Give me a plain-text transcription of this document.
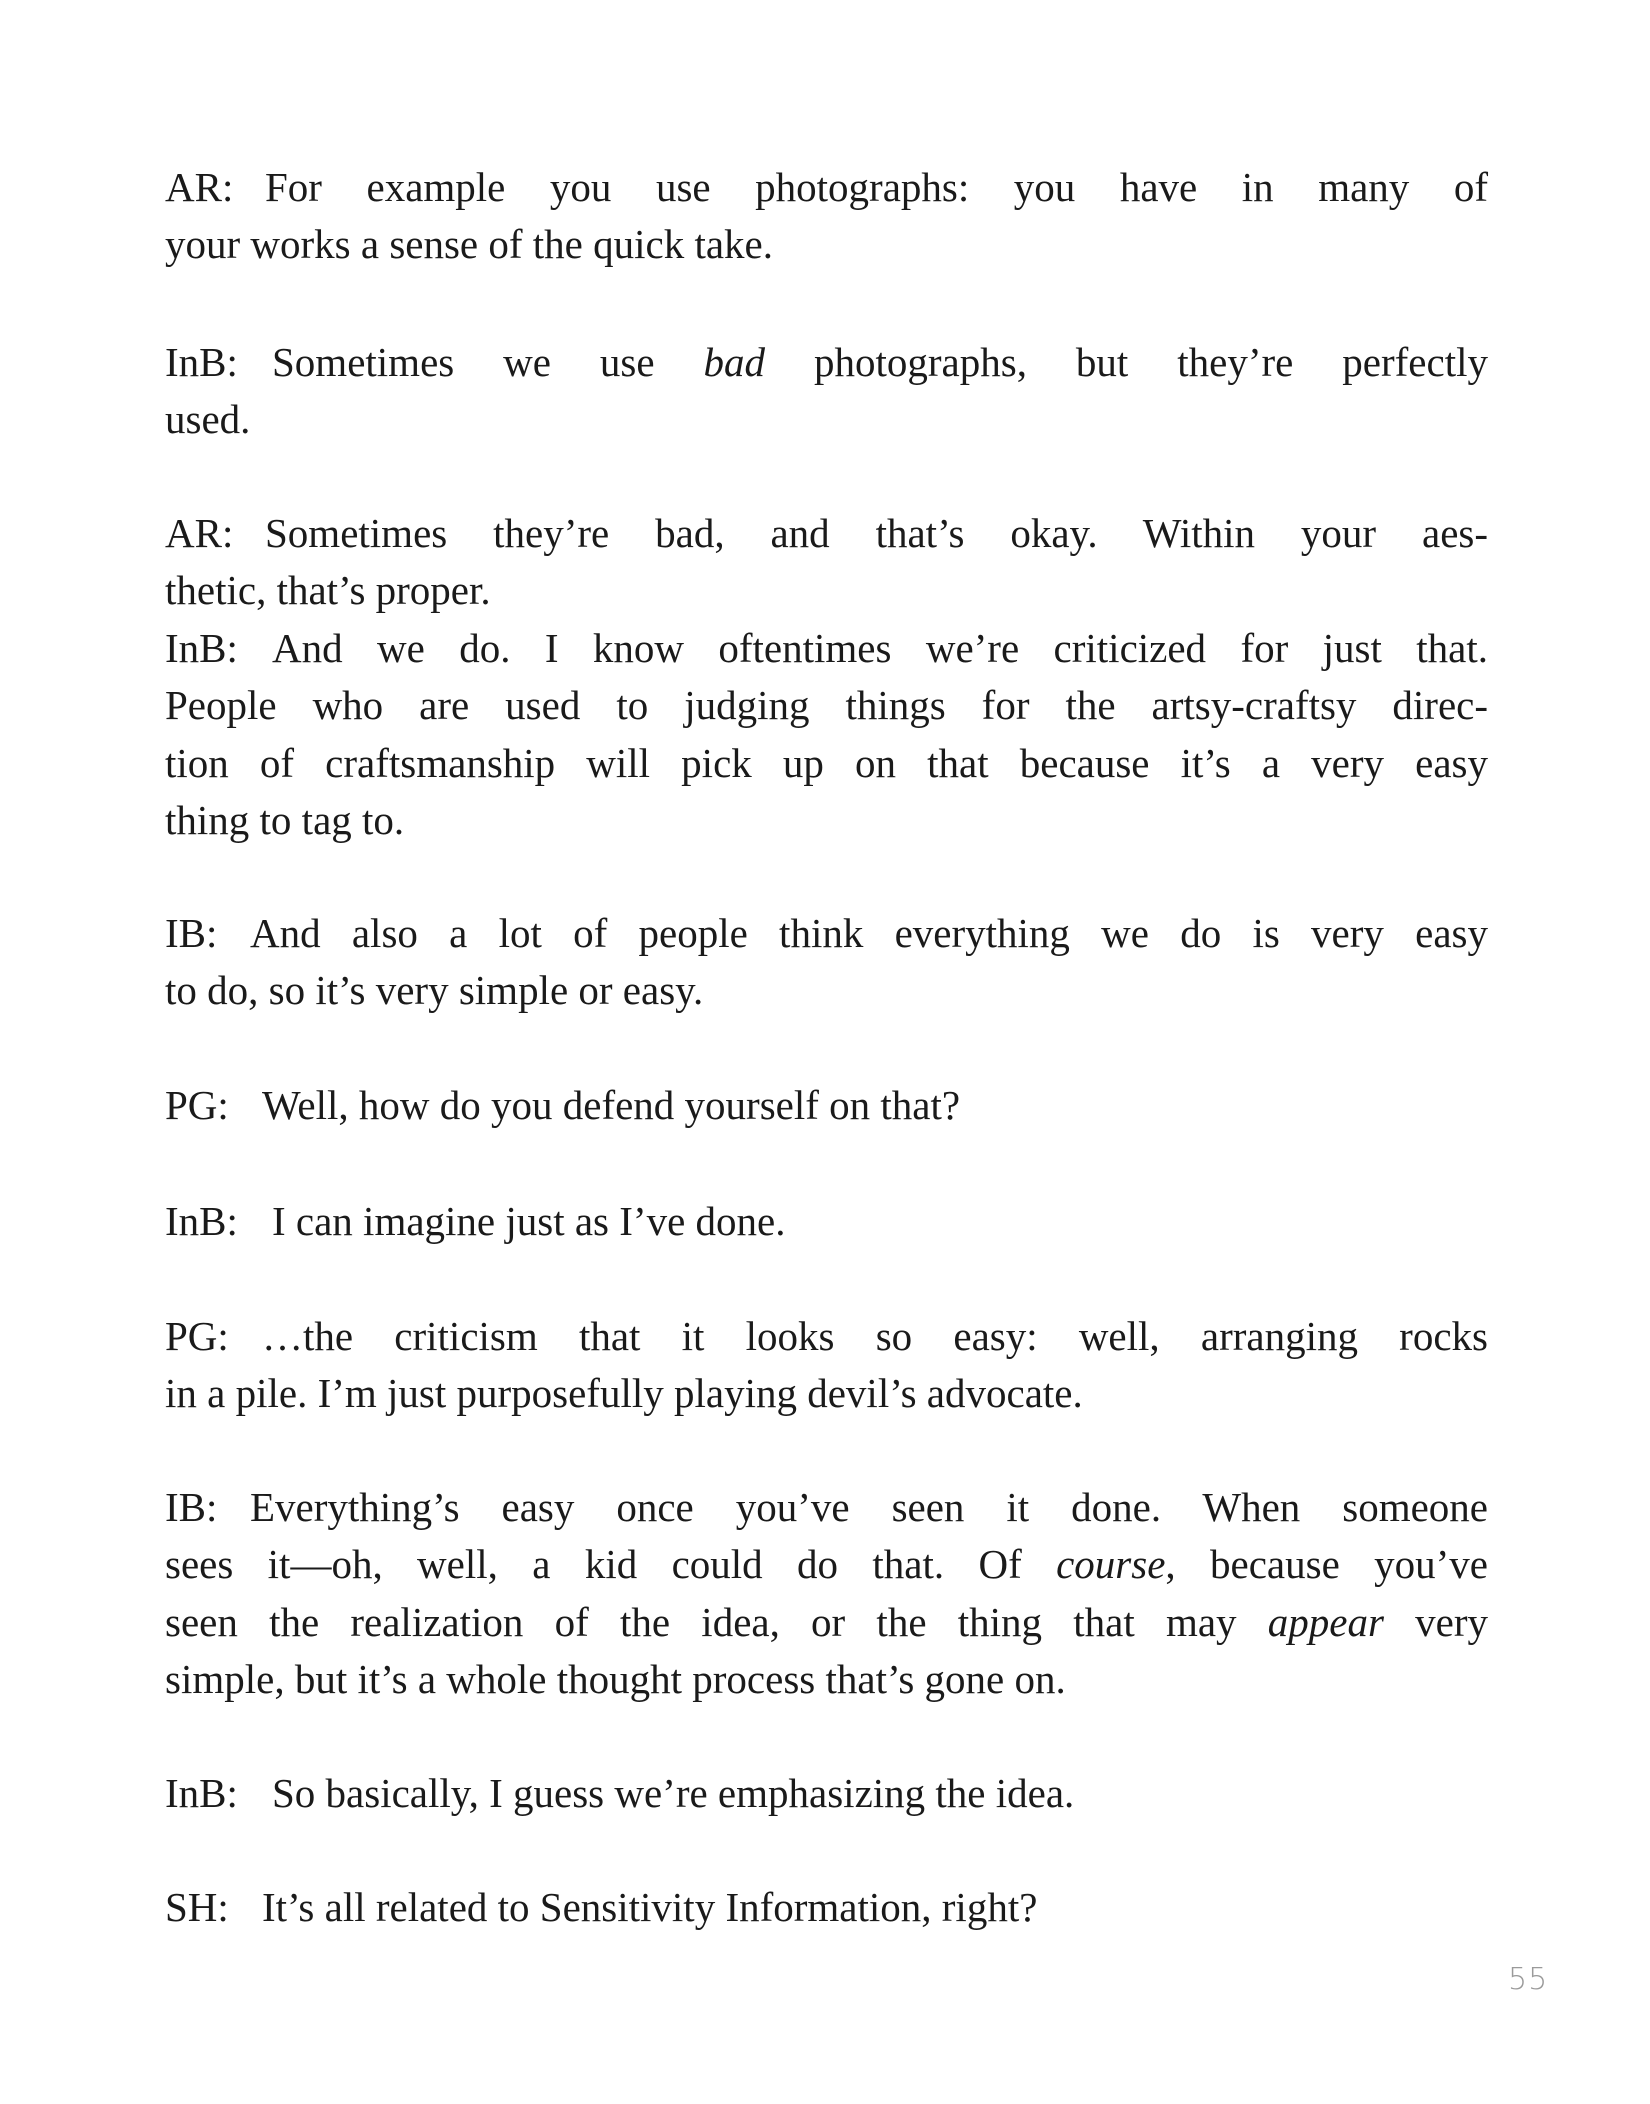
AR: For example you use photographs: you have in many of
your works a sense of the quick take.
InB: Sometimes we use bad photographs, but they’re perfectly
used.
AR: Sometimes they’re bad, and that’s okay. Within your aes-
thetic, that’s proper.
InB: And we do. I know oftentimes we’re criticized for just that.
People who are used to judging things for the artsy-craftsy direc-
tion of craftsmanship will pick up on that because it’s a very easy
thing to tag to.
IB: And also a lot of people think everything we do is very easy
to do, so it’s very simple or easy.
PG: Well, how do you defend yourself on that?
InB: I can imagine just as I’ve done.
PG: …the criticism that it looks so easy: well, arranging rocks
in a pile. I’m just purposefully playing devil’s advocate.
IB: Everything’s easy once you’ve seen it done. When someone
sees it—oh, well, a kid could do that. Of course, because you’ve
seen the realization of the idea, or the thing that may appear very
simple, but it’s a whole thought process that’s gone on.
InB: So basically, I guess we’re emphasizing the idea.
SH: It’s all related to Sensitivity Information, right?
55
